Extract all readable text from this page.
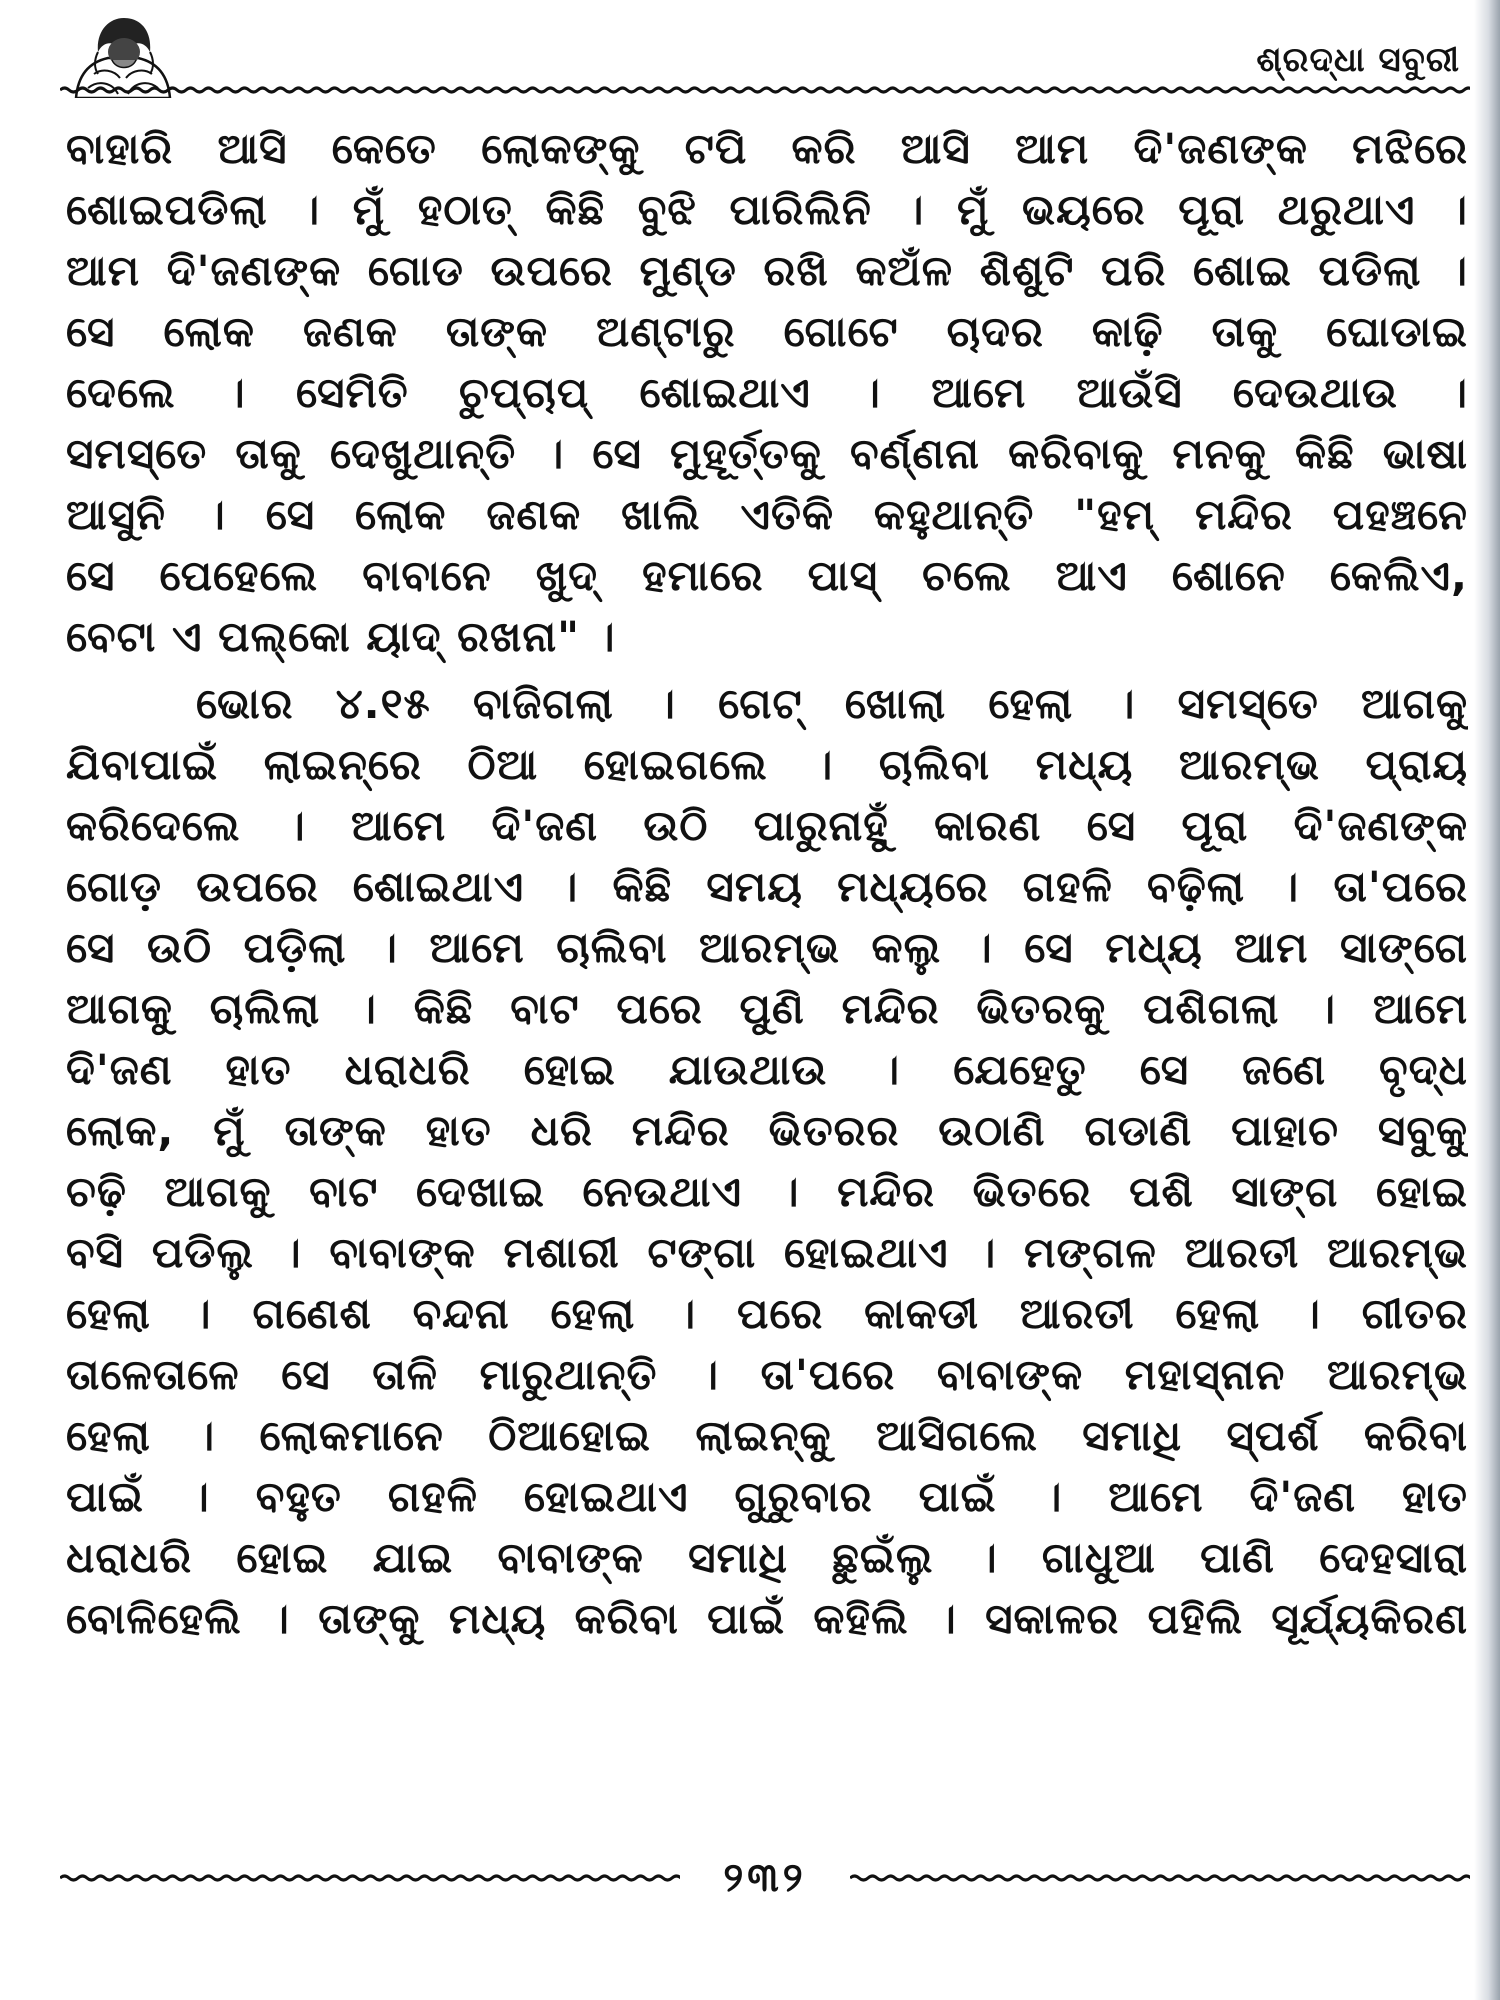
ଶ୍ରଦ୍ଧା ସବୁରୀ
ବାହାରି ଆସି କେତେ ଲୋକଙ୍କୁ ଟପି କରି ଆସି ଆମ ଦି'ଜଣଙ୍କ ମଝିରେ
ଶୋଇପଡିଲା । ମୁଁ ହଠାତ୍ କିଛି ବୁଝି ପାରିଲିନି । ମୁଁ ଭୟରେ ପୂରା ଥରୁଥାଏ ।
ଆମ ଦି'ଜଣଙ୍କ ଗୋଡ ଉପରେ ମୁଣ୍ଡ ରଖି କଅଁଳ ଶିଶୁଟି ପରି ଶୋଇ ପଡିଲା ।
ସେ ଲୋକ ଜଣକ ତାଙ୍କ ଅଣ୍ଟାରୁ ଗୋଟେ ଚାଦର କାଢ଼ି ତାକୁ ଘୋଡାଇ
ଦେଲେ । ସେମିତି ଚୁପ୍‌ଚାପ୍ ଶୋଇଥାଏ । ଆମେ ଆଉଁସି ଦେଉଥାଉ ।
ସମସ୍ତେ ତାକୁ ଦେଖୁଥାନ୍ତି । ସେ ମୁହୂର୍ତ୍ତକୁ ବର୍ଣ୍ଣନା କରିବାକୁ ମନକୁ କିଛି ଭାଷା
ଆସୁନି । ସେ ଲୋକ ଜଣକ ଖାଲି ଏତିକି କହୁଥାନ୍ତି "ହମ୍ ମନ୍ଦିର ପହଞ୍ଚନେ
ସେ ପେହେଲେ ବାବାନେ ଖୁଦ୍ ହମାରେ ପାସ୍ ଚଲେ ଆଏ ଶୋନେ କେଲିଏ,
ବେଟା ଏ ପଲ୍‌କୋ ୟାଦ୍ ରଖନା" ।
ଭୋର ୪.୧୫ ବାଜିଗଲା । ଗେଟ୍ ଖୋଲା ହେଲା । ସମସ୍ତେ ଆଗକୁ
ଯିବାପାଇଁ ଲାଇନ୍‌ରେ ଠିଆ ହୋଇଗଲେ । ଚାଲିବା ମଧ୍ୟ ଆରମ୍ଭ ପ୍ରାୟ
କରିଦେଲେ । ଆମେ ଦି'ଜଣ ଉଠି ପାରୁନାହୁଁ କାରଣ ସେ ପୂରା ଦି'ଜଣଙ୍କ
ଗୋଡ଼ ଉପରେ ଶୋଇଥାଏ । କିଛି ସମୟ ମଧ୍ୟରେ ଗହଳି ବଢ଼ିଲା । ତା'ପରେ
ସେ ଉଠି ପଡ଼ିଲା । ଆମେ ଚାଲିବା ଆରମ୍ଭ କଲୁ । ସେ ମଧ୍ୟ ଆମ ସାଙ୍ଗେ
ଆଗକୁ ଚାଲିଲା । କିଛି ବାଟ ପରେ ପୁଣି ମନ୍ଦିର ଭିତରକୁ ପଶିଗଲା । ଆମେ
ଦି'ଜଣ ହାତ ଧରାଧରି ହୋଇ ଯାଉଥାଉ । ଯେହେତୁ ସେ ଜଣେ ବୃଦ୍ଧ
ଲୋକ, ମୁଁ ତାଙ୍କ ହାତ ଧରି ମନ୍ଦିର ଭିତରର ଉଠାଣି ଗଡାଣି ପାହାଚ ସବୁକୁ
ଚଢ଼ି ଆଗକୁ ବାଟ ଦେଖାଇ ନେଉଥାଏ । ମନ୍ଦିର ଭିତରେ ପଶି ସାଙ୍ଗ ହୋଇ
ବସି ପଡିଲୁ । ବାବାଙ୍କ ମଶାରୀ ଟଙ୍ଗା ହୋଇଥାଏ । ମଙ୍ଗଳ ଆରତୀ ଆରମ୍ଭ
ହେଲା । ଗଣେଶ ବନ୍ଦନା ହେଲା । ପରେ କାକଡୀ ଆରତୀ ହେଲା । ଗୀତର
ତାଳେତାଳେ ସେ ତାଳି ମାରୁଥାନ୍ତି । ତା'ପରେ ବାବାଙ୍କ ମହାସ୍ନାନ ଆରମ୍ଭ
ହେଲା । ଲୋକମାନେ ଠିଆହୋଇ ଲାଇନ୍‌କୁ ଆସିଗଲେ ସମାଧି ସ୍ପର୍ଶ କରିବା
ପାଇଁ । ବହୁତ ଗହଳି ହୋଇଥାଏ ଗୁରୁବାର ପାଇଁ । ଆମେ ଦି'ଜଣ ହାତ
ଧରାଧରି ହୋଇ ଯାଇ ବାବାଙ୍କ ସମାଧି ଛୁଇଁଲୁ । ଗାଧୁଆ ପାଣି ଦେହସାରା
ବୋଳିହେଲି । ତାଙ୍କୁ ମଧ୍ୟ କରିବା ପାଇଁ କହିଲି । ସକାଳର ପହିଲି ସୂର୍ଯ୍ୟକିରଣ
୨୩୨
